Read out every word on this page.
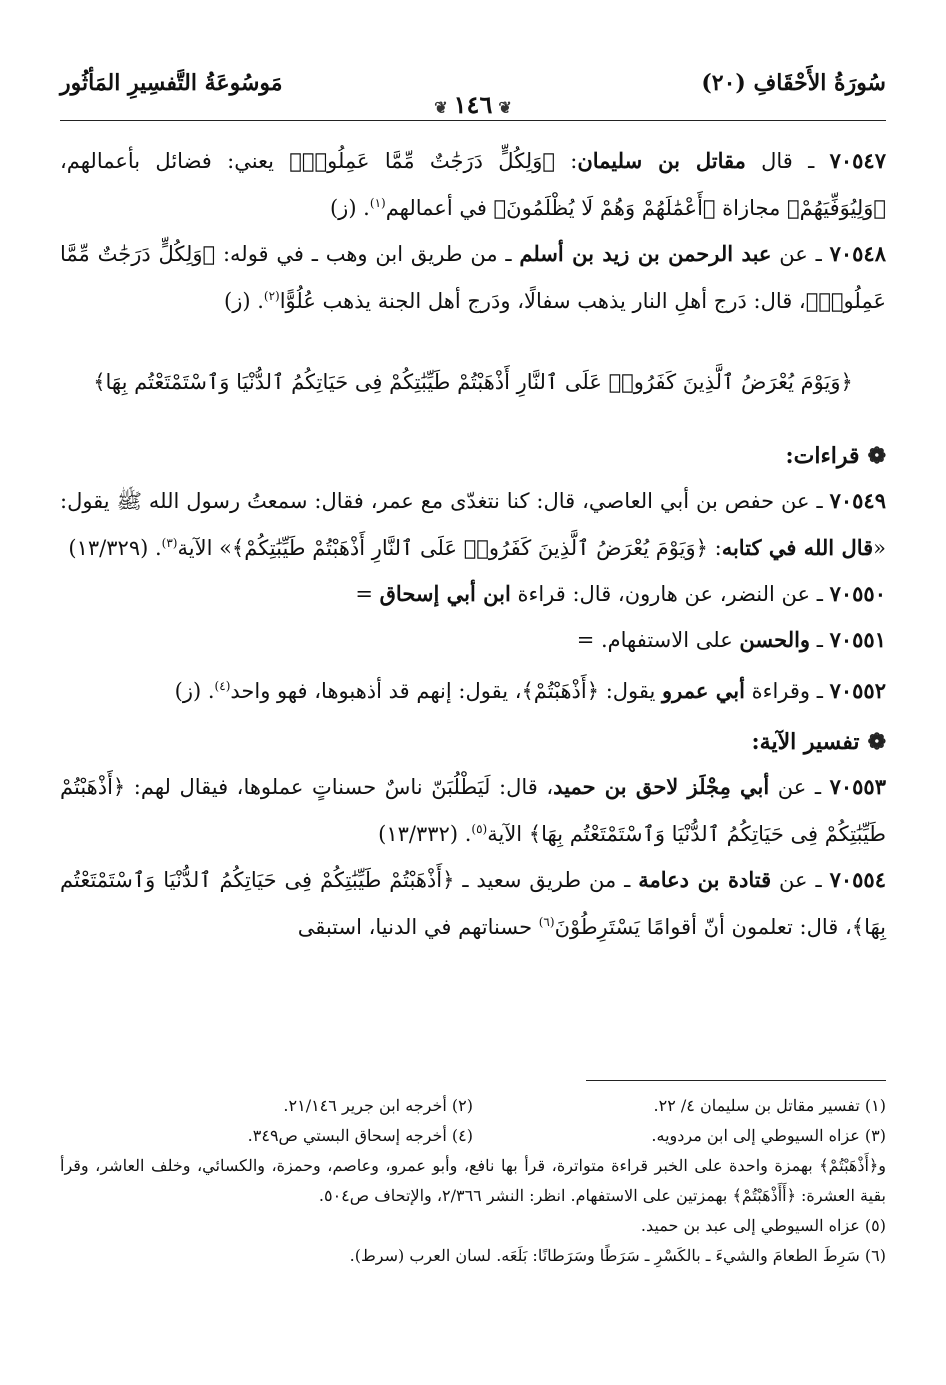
سُورَةُ الأَحْقَافِ (٢٠)
❦١٤٦❦
مَوسُوعَةُ التَّفسِيرِ المَأثُور

٧٠٥٤٧ ـ قال مقاتل بن سليمان: ﴿وَلِكُلٍّ دَرَجَٰتٌ مِّمَّا عَمِلُوا۟﴾ يعني: فضائل بأعمالهم، ﴿وَلِيُوَفِّيَهُمْ﴾ مجازاة ﴿أَعْمَٰلَهُمْ وَهُمْ لَا يُظْلَمُونَ﴾ في أعمالهم$^{(١)}$. (ز)

٧٠٥٤٨ ـ عن عبد الرحمن بن زيد بن أسلم ـ من طريق ابن وهب ـ في قوله: ﴿وَلِكُلٍّ دَرَجَٰتٌ مِّمَّا عَمِلُوا۟﴾، قال: دَرج أهلِ النار يذهب سفالًا، ودَرج أهل الجنة يذهب عُلُوًّا$^{(٢)}$. (ز)

﴿وَيَوْمَ يُعْرَضُ ٱلَّذِينَ كَفَرُوا۟ عَلَى ٱلنَّارِ أَذْهَبْتُمْ طَيِّبَٰتِكُمْ فِى حَيَاتِكُمُ ٱلدُّنْيَا وَٱسْتَمْتَعْتُم بِهَا﴾
❁قراءات:

٧٠٥٤٩ ـ عن حفص بن أبي العاصي، قال: كنا نتغدّى مع عمر، فقال: سمعتُ رسول الله ﷺ يقول: «قال الله في كتابه: ﴿وَيَوْمَ يُعْرَضُ ٱلَّذِينَ كَفَرُوا۟ عَلَى ٱلنَّارِ أَذْهَبْتُمْ طَيِّبَٰتِكُمْ﴾» الآية$^{(٣)}$. (١٣/٣٢٩)

٧٠٥٥٠ ـ عن النضر، عن هارون، قال: قراءة ابن أبي إسحاق =

٧٠٥٥١ ـ والحسن على الاستفهام. =

٧٠٥٥٢ ـ وقراءة أبي عمرو يقول: ﴿أَذْهَبْتُمْ﴾، يقول: إنهم قد أذهبوها، فهو واحد$^{(٤)}$. (ز)

❁تفسير الآية:

٧٠٥٥٣ ـ عن أبي مِجْلَز لاحق بن حميد، قال: لَيَطْلُبَنّ ناسٌ حسناتٍ عملوها، فيقال لهم: ﴿أَذْهَبْتُمْ طَيِّبَٰتِكُمْ فِى حَيَاتِكُمُ ٱلدُّنْيَا وَٱسْتَمْتَعْتُم بِهَا﴾ الآية$^{(٥)}$. (١٣/٣٣٢)

٧٠٥٥٤ ـ عن قتادة بن دعامة ـ من طريق سعيد ـ ﴿أَذْهَبْتُمْ طَيِّبَٰتِكُمْ فِى حَيَاتِكُمُ ٱلدُّنْيَا وَٱسْتَمْتَعْتُم بِهَا﴾، قال: تعلمون أنّ أقوامًا يَسْتَرِطُوْنَ$^{(٦)}$ حسناتهم في الدنيا، استبقى

(١) تفسير مقاتل بن سليمان ٤/ ٢٢.
(٢) أخرجه ابن جرير ٢١/١٤٦.
(٣) عزاه السيوطي إلى ابن مردويه.
(٤) أخرجه إسحاق البستي ص٣٤٩.
و﴿أَذْهَبْتُمْ﴾ بهمزة واحدة على الخبر قراءة متواترة، قرأ بها نافع، وأبو عمرو، وعاصم، وحمزة، والكسائي، وخلف العاشر، وقرأ بقية العشرة: ﴿أَأَذْهَبْتُمْ﴾ بهمزتين على الاستفهام. انظر: النشر ٢/٣٦٦، والإتحاف ص٥٠٤.
(٥) عزاه السيوطي إلى عبد بن حميد.
(٦) سَرِطَ الطعامَ والشيءَ ـ بالكَسْرِ ـ سَرَطًا وسَرَطانًا: بَلَعَه. لسان العرب (سرط).
